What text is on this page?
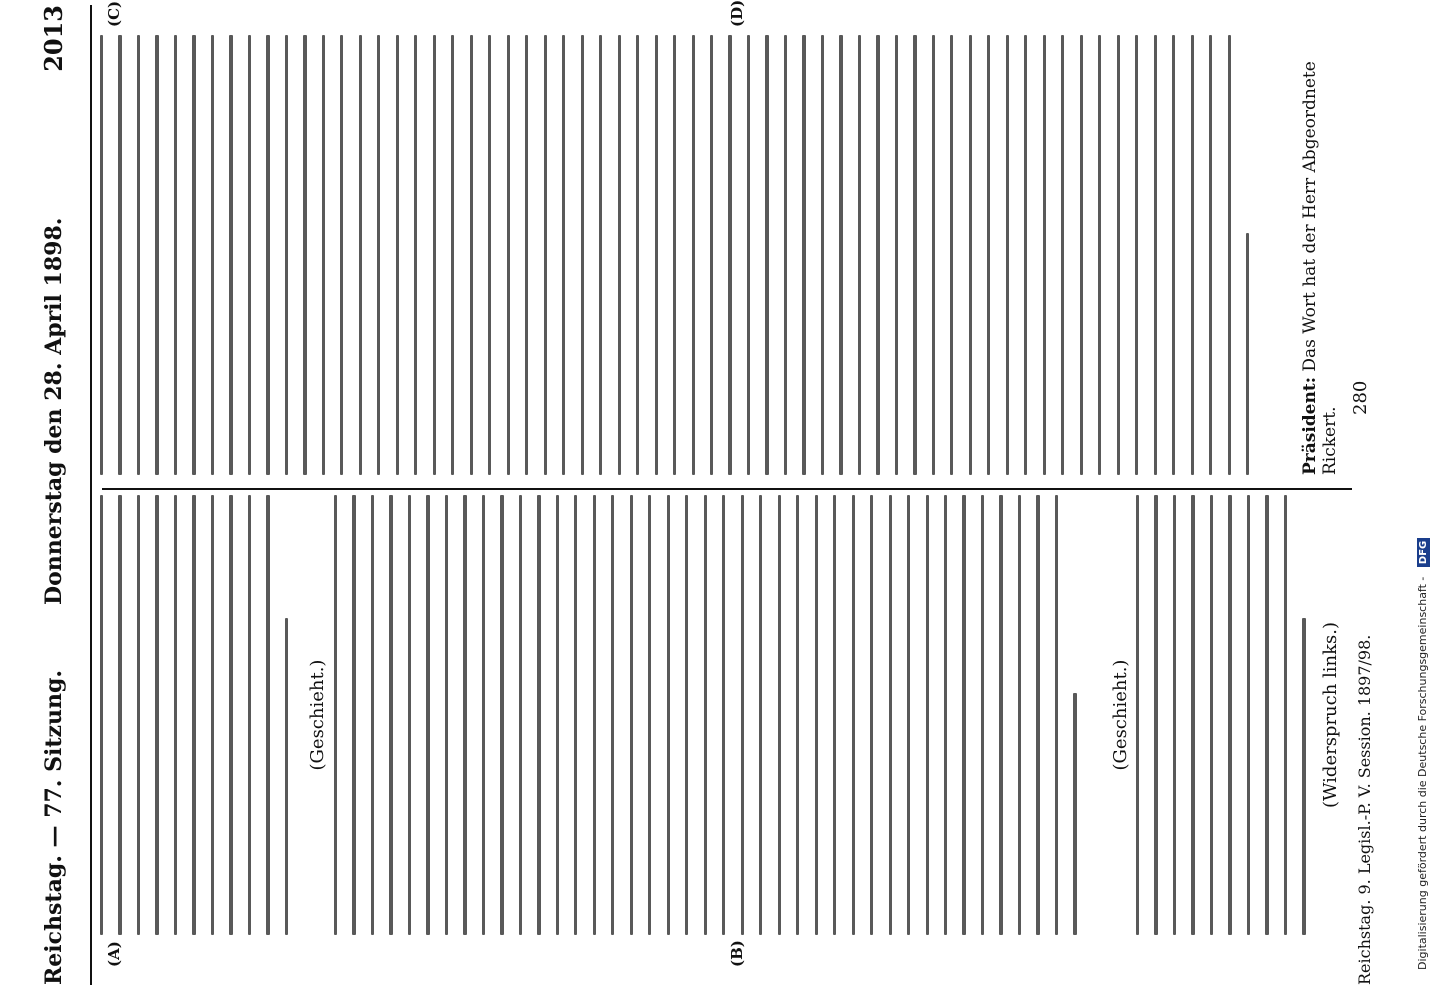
Reichstag. — 77. Sitzung.
Donnerstag den 28. April 1898.
2013
(A)	(B)
(C)	(D)
(Geschieht.)	(Geschieht.)	(Widerspruch links.)
Präsident: Das Wort hat der Herr Abgeordnete Rickert.
Reichstag. 9. Legisl.-P. V. Session. 1897/98.
280
Digitalisierung gefördert durch die Deutsche Forschungsgemeinschaft - DFG
